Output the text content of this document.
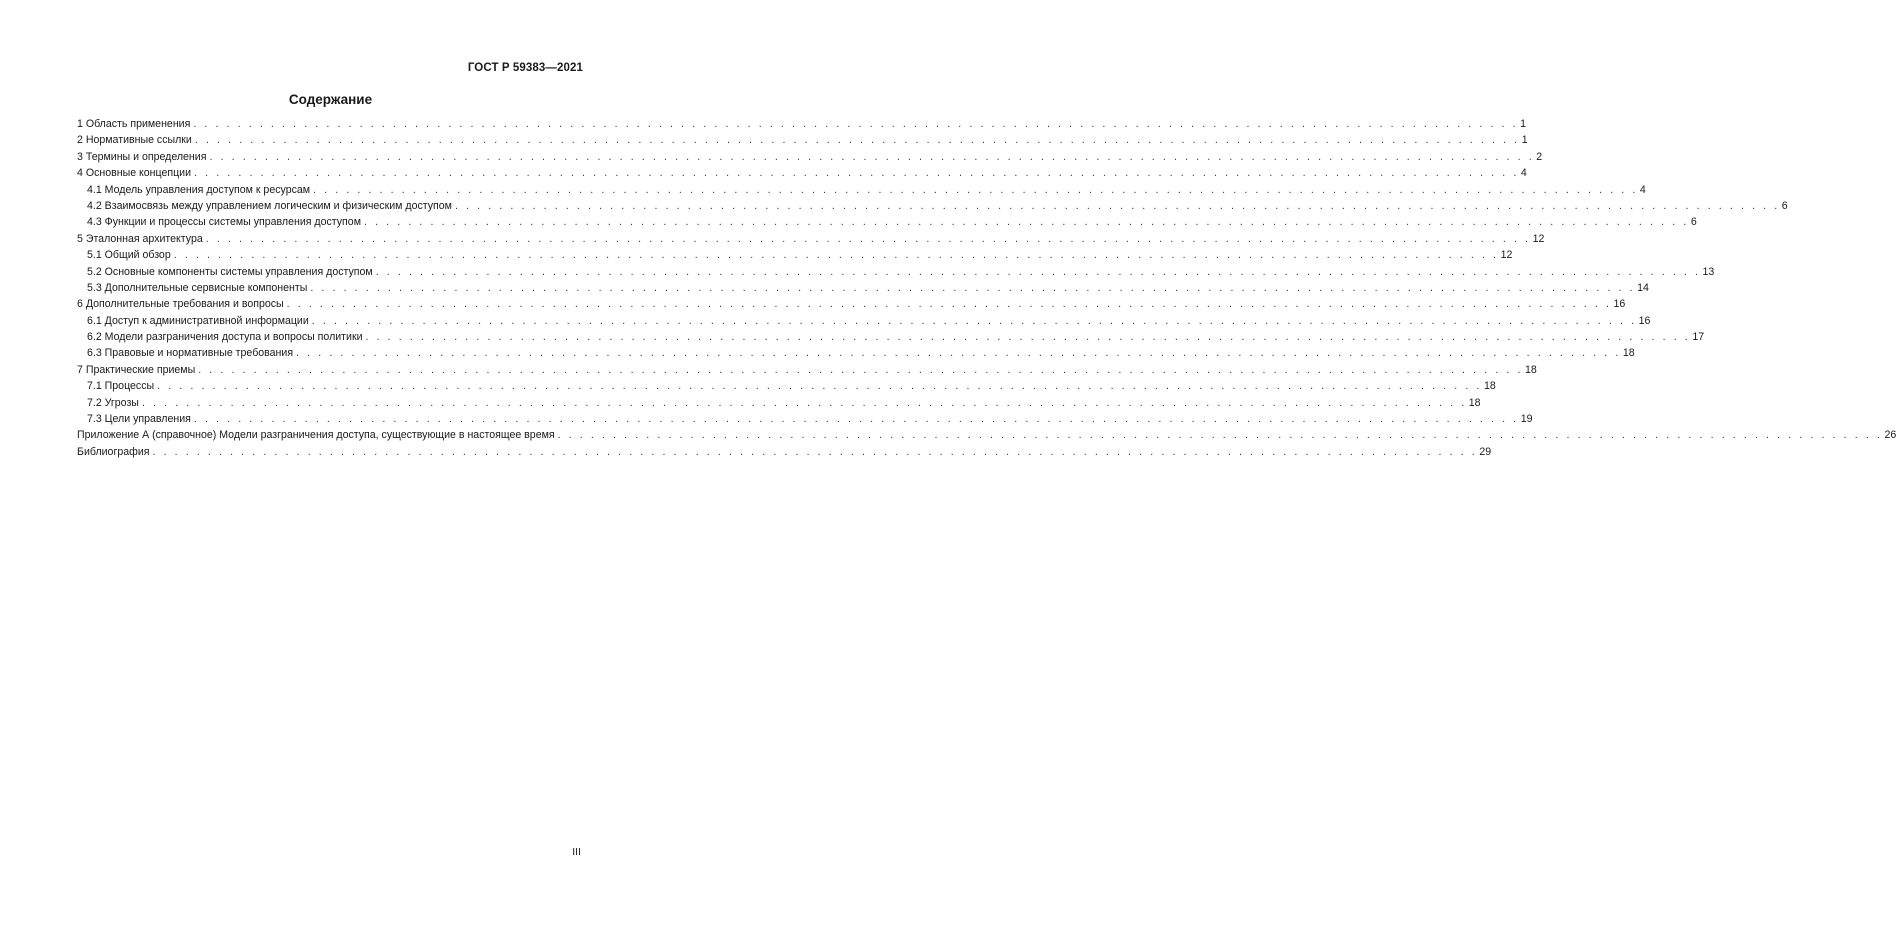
ГОСТ Р 59383—2021
Содержание
1 Область применения . . . . . . . . . . . . . . . . . . . . . . . . . . . . . . . . . . . . . . . . . . . . . . . . . . . . . . . . . . . . . . . . . . . . . . . . . . . . . . . . . . . . . . . . . . . . . . . . . . . . . . . . . . . . . . . . . . . . . . . . 1
2 Нормативные ссылки . . . . . . . . . . . . . . . . . . . . . . . . . . . . . . . . . . . . . . . . . . . . . . . . . . . . . . . . . . . . . . . . . . . . . . . . . . . . . . . . . . . . . . . . . . . . . . . . . . . . . . . . . . . . . . . . . . . . . . . . 1
3 Термины и определения . . . . . . . . . . . . . . . . . . . . . . . . . . . . . . . . . . . . . . . . . . . . . . . . . . . . . . . . . . . . . . . . . . . . . . . . . . . . . . . . . . . . . . . . . . . . . . . . . . . . . . . . . . . . . . . . . . . . . . . . 2
4 Основные концепции . . . . . . . . . . . . . . . . . . . . . . . . . . . . . . . . . . . . . . . . . . . . . . . . . . . . . . . . . . . . . . . . . . . . . . . . . . . . . . . . . . . . . . . . . . . . . . . . . . . . . . . . . . . . . . . . . . . . . . . . 4
4.1 Модель управления доступом к ресурсам . . . . . . . . . . . . . . . . . . . . . . . . . . . . . . . . . . . . . . . . . . . . . . . . . . . . . . . . . . . . . . . . . . . . . . . . . . . . . . . . . . . . . . . . . . . . . . . . . . . . . . . . . . . . . . . . . . . . . . . . 4
4.2 Взаимосвязь между управлением логическим и физическим доступом . . . . . . . . . . . . . . . . . . . . . . . . . . . . . . . . . . . . . . . . . . . . . . . . . . . . . . . . . . . . . . . . . . . . . . . . . . . . . . . . . . . . . . . . . . . . . . . . . . . . . . . . . . . . . . . . . . . . . . . . 6
4.3 Функции и процессы системы управления доступом . . . . . . . . . . . . . . . . . . . . . . . . . . . . . . . . . . . . . . . . . . . . . . . . . . . . . . . . . . . . . . . . . . . . . . . . . . . . . . . . . . . . . . . . . . . . . . . . . . . . . . . . . . . . . . . . . . . . . . . . 6
5 Эталонная архитектура . . . . . . . . . . . . . . . . . . . . . . . . . . . . . . . . . . . . . . . . . . . . . . . . . . . . . . . . . . . . . . . . . . . . . . . . . . . . . . . . . . . . . . . . . . . . . . . . . . . . . . . . . . . . . . . . . . . . . . . . 12
5.1 Общий обзор . . . . . . . . . . . . . . . . . . . . . . . . . . . . . . . . . . . . . . . . . . . . . . . . . . . . . . . . . . . . . . . . . . . . . . . . . . . . . . . . . . . . . . . . . . . . . . . . . . . . . . . . . . . . . . . . . . . . . . . . 12
5.2 Основные компоненты системы управления доступом . . . . . . . . . . . . . . . . . . . . . . . . . . . . . . . . . . . . . . . . . . . . . . . . . . . . . . . . . . . . . . . . . . . . . . . . . . . . . . . . . . . . . . . . . . . . . . . . . . . . . . . . . . . . . . . . . . . . . . . . 13
5.3 Дополнительные сервисные компоненты . . . . . . . . . . . . . . . . . . . . . . . . . . . . . . . . . . . . . . . . . . . . . . . . . . . . . . . . . . . . . . . . . . . . . . . . . . . . . . . . . . . . . . . . . . . . . . . . . . . . . . . . . . . . . . . . . . . . . . . . 14
6 Дополнительные требования и вопросы . . . . . . . . . . . . . . . . . . . . . . . . . . . . . . . . . . . . . . . . . . . . . . . . . . . . . . . . . . . . . . . . . . . . . . . . . . . . . . . . . . . . . . . . . . . . . . . . . . . . . . . . . . . . . . . . . . . . . . . . 16
6.1 Доступ к административной информации . . . . . . . . . . . . . . . . . . . . . . . . . . . . . . . . . . . . . . . . . . . . . . . . . . . . . . . . . . . . . . . . . . . . . . . . . . . . . . . . . . . . . . . . . . . . . . . . . . . . . . . . . . . . . . . . . . . . . . . . 16
6.2 Модели разграничения доступа и вопросы политики . . . . . . . . . . . . . . . . . . . . . . . . . . . . . . . . . . . . . . . . . . . . . . . . . . . . . . . . . . . . . . . . . . . . . . . . . . . . . . . . . . . . . . . . . . . . . . . . . . . . . . . . . . . . . . . . . . . . . . . . 17
6.3 Правовые и нормативные требования . . . . . . . . . . . . . . . . . . . . . . . . . . . . . . . . . . . . . . . . . . . . . . . . . . . . . . . . . . . . . . . . . . . . . . . . . . . . . . . . . . . . . . . . . . . . . . . . . . . . . . . . . . . . . . . . . . . . . . . . 18
7 Практические приемы . . . . . . . . . . . . . . . . . . . . . . . . . . . . . . . . . . . . . . . . . . . . . . . . . . . . . . . . . . . . . . . . . . . . . . . . . . . . . . . . . . . . . . . . . . . . . . . . . . . . . . . . . . . . . . . . . . . . . . . . 18
7.1 Процессы . . . . . . . . . . . . . . . . . . . . . . . . . . . . . . . . . . . . . . . . . . . . . . . . . . . . . . . . . . . . . . . . . . . . . . . . . . . . . . . . . . . . . . . . . . . . . . . . . . . . . . . . . . . . . . . . . . . . . . . . 18
7.2 Угрозы . . . . . . . . . . . . . . . . . . . . . . . . . . . . . . . . . . . . . . . . . . . . . . . . . . . . . . . . . . . . . . . . . . . . . . . . . . . . . . . . . . . . . . . . . . . . . . . . . . . . . . . . . . . . . . . . . . . . . . . . 18
7.3 Цели управления . . . . . . . . . . . . . . . . . . . . . . . . . . . . . . . . . . . . . . . . . . . . . . . . . . . . . . . . . . . . . . . . . . . . . . . . . . . . . . . . . . . . . . . . . . . . . . . . . . . . . . . . . . . . . . . . . . . . . . . . 19
Приложение А (справочное) Модели разграничения доступа, существующие в настоящее время . . . . . . . . . . . . . . . . . . . . . . . . . . . . . . . . . . . . . . . . . . . . . . . . . . . . . . . . . . . . . . . . . . . . . . . . . . . . . . . . . . . . . . . . . . . . . . . . . . . . . . . . . . . . . . . . . . . . . . . . 26
Библиография . . . . . . . . . . . . . . . . . . . . . . . . . . . . . . . . . . . . . . . . . . . . . . . . . . . . . . . . . . . . . . . . . . . . . . . . . . . . . . . . . . . . . . . . . . . . . . . . . . . . . . . . . . . . . . . . . . . . . . . . 29
III
